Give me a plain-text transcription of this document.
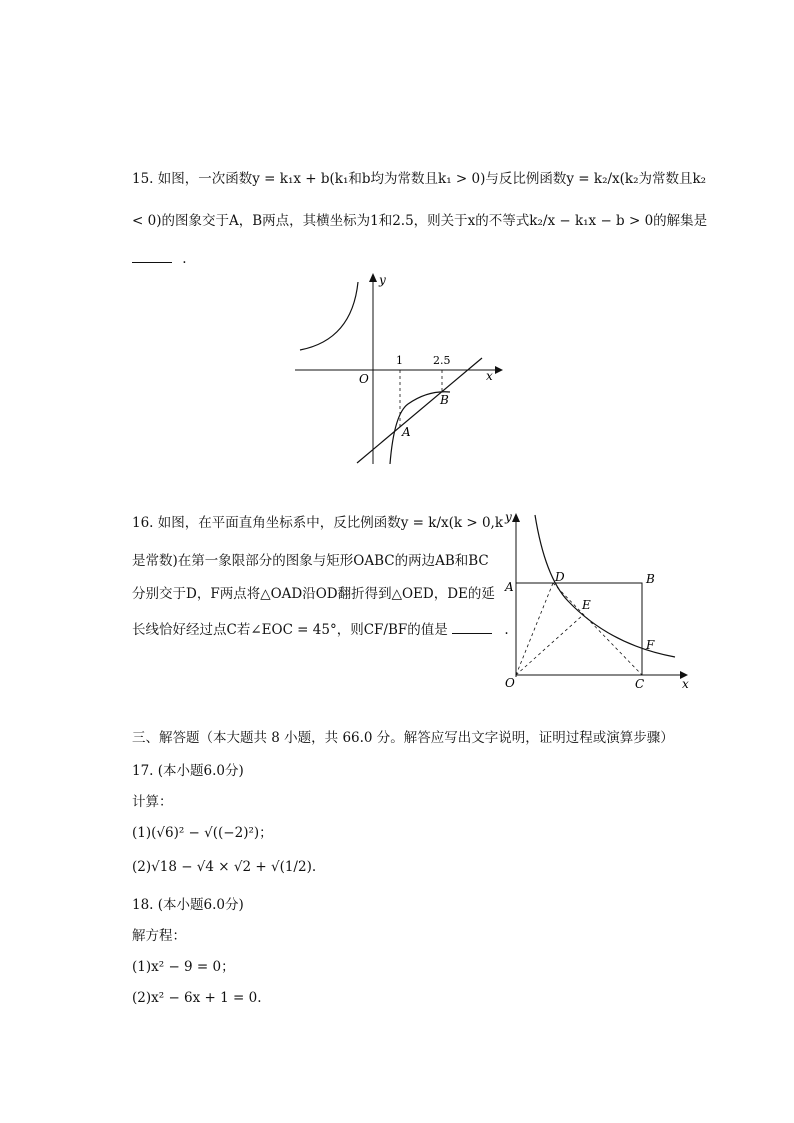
15. 如图，一次函数y = k₁x + b(k₁和b均为常数且k₁ > 0)与反比例函数y = k₂/x(k₂为常数且k₂
< 0)的图象交于A，B两点，其横坐标为1和2.5，则关于x的不等式k₂/x − k₁x − b > 0的解集是
.
x
y
O
1	2.5
A
B
16. 如图，在平面直角坐标系中，反比例函数y = k/x(k > 0,k
是常数)在第一象限部分的图象与矩形OABC的两边AB和BC
分别交于D，F两点将△OAD沿OD翻折得到△OED，DE的延
长线恰好经过点C若∠EOC = 45°，则CF/BF的值是	.
x
y
O
A
B
C
D
E
F
三、解答题（本大题共 8 小题，共 66.0 分。解答应写出文字说明，证明过程或演算步骤）
17. (本小题6.0分)
计算：
(1)(√6)² − √((−2)²)；
(2)√18 − √4 × √2 + √(1/2).
18. (本小题6.0分)
解方程：
(1)x² − 9 = 0；
(2)x² − 6x + 1 = 0.
